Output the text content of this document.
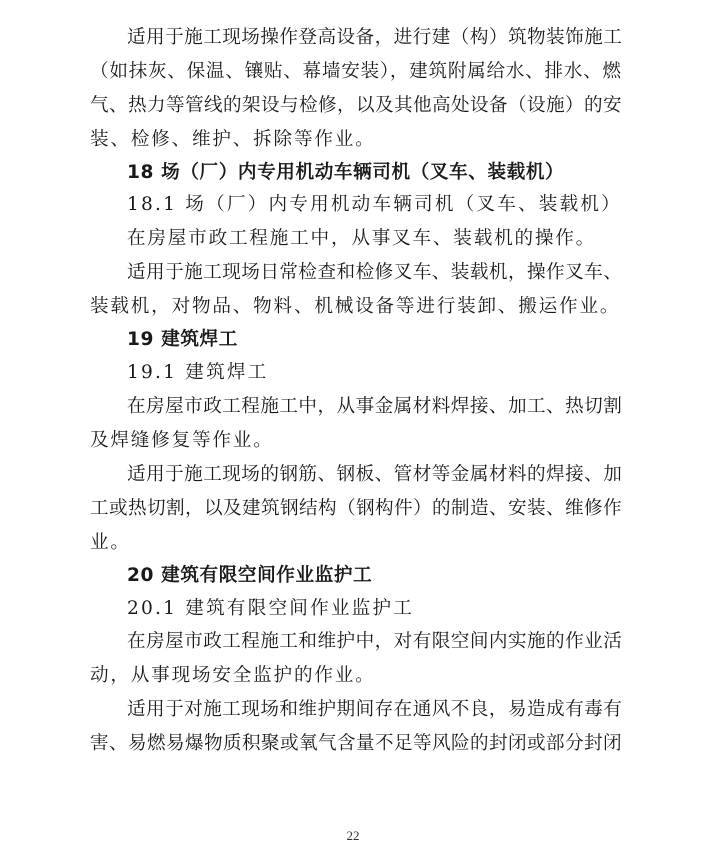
适用于施工现场操作登高设备，进行建（构）筑物装饰施工
（如抹灰、保温、镶贴、幕墙安装），建筑附属给水、排水、燃
气、热力等管线的架设与检修，以及其他高处设备（设施）的安
装、检修、维护、拆除等作业。
18 场（厂）内专用机动车辆司机（叉车、装载机）
18.1 场（厂）内专用机动车辆司机（叉车、装载机）
在房屋市政工程施工中，从事叉车、装载机的操作。
适用于施工现场日常检查和检修叉车、装载机，操作叉车、
装载机，对物品、物料、机械设备等进行装卸、搬运作业。
19 建筑焊工
19.1 建筑焊工
在房屋市政工程施工中，从事金属材料焊接、加工、热切割
及焊缝修复等作业。
适用于施工现场的钢筋、钢板、管材等金属材料的焊接、加
工或热切割，以及建筑钢结构（钢构件）的制造、安装、维修作
业。
20 建筑有限空间作业监护工
20.1 建筑有限空间作业监护工
在房屋市政工程施工和维护中，对有限空间内实施的作业活
动，从事现场安全监护的作业。
适用于对施工现场和维护期间存在通风不良，易造成有毒有
害、易燃易爆物质积聚或氧气含量不足等风险的封闭或部分封闭
22
